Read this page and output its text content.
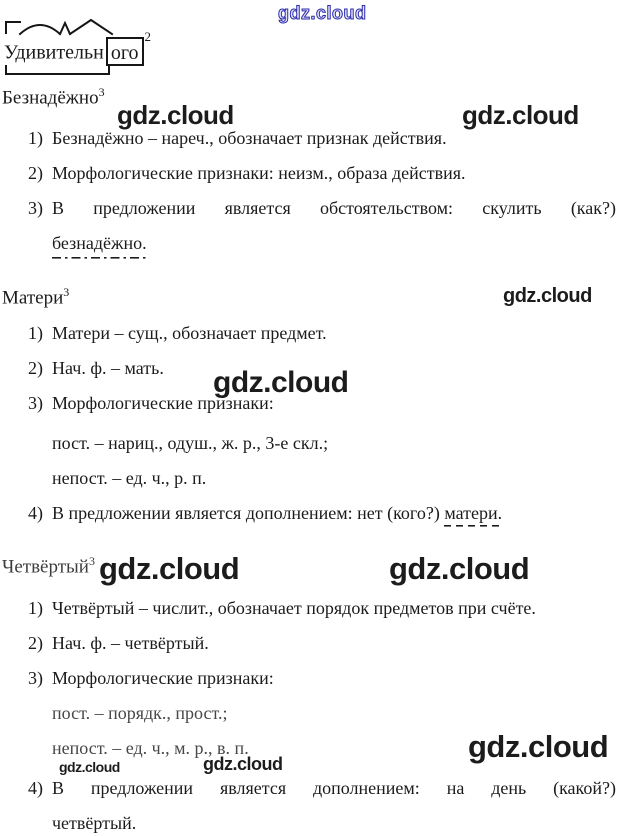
gdz.cloud
gdz.cloud	gdz.cloud
gdz.cloud
gdz.cloud
gdz.cloud	gdz.cloud
gdz.cloud	gdz.cloud	gdz.cloud
Удивительн ого$^2$
Безнадёжно$^3$
1) Безнадёжно – нареч., обозначает признак действия.
2) Морфологические признаки: неизм., образа действия.
3) В предложении является обстоятельством: скулить (как?)
безнадёжно.
Матери$^3$
1) Матери – сущ., обозначает предмет.
2) Нач. ф. – мать.
3) Морфологические признаки:
пост. – нариц., одуш., ж. р., 3-е скл.;
непост. – ед. ч., р. п.
4) В предложении является дополнением: нет (кого?) матери.
Четвёртый$^3$
1) Четвёртый – числит., обозначает порядок предметов при счёте.
2) Нач. ф. – четвёртый.
3) Морфологические признаки:
пост. – порядк., прост.;
непост. – ед. ч., м. р., в. п.
4) В предложении является дополнением: на день (какой?)
четвёртый.
